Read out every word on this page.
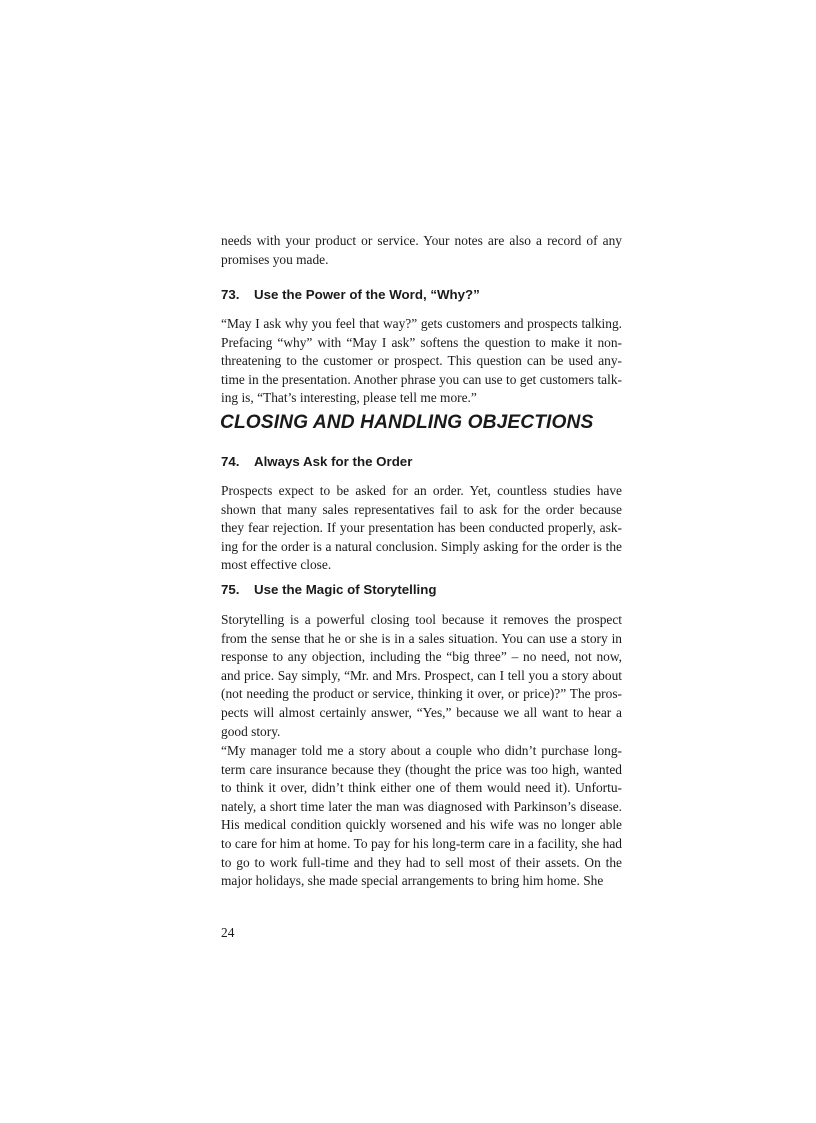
needs with your product or service. Your notes are also a record of any promises you made.

73. Use the Power of the Word, “Why?”

“May I ask why you feel that way?” gets customers and prospects talking. Prefacing “why” with “May I ask” softens the question to make it non-threatening to the customer or prospect. This question can be used any-time in the presentation. Another phrase you can use to get customers talk-ing is, “That’s interesting, please tell me more.”

CLOSING AND HANDLING OBJECTIONS
74. Always Ask for the Order

Prospects expect to be asked for an order. Yet, countless studies have shown that many sales representatives fail to ask for the order because they fear rejection. If your presentation has been conducted properly, ask-ing for the order is a natural conclusion. Simply asking for the order is the most effective close.

75. Use the Magic of Storytelling

Storytelling is a powerful closing tool because it removes the prospect from the sense that he or she is in a sales situation. You can use a story in response to any objection, including the “big three” – no need, not now, and price. Say simply, “Mr. and Mrs. Prospect, can I tell you a story about (not needing the product or service, thinking it over, or price)?” The pros-pects will almost certainly answer, “Yes,” because we all want to hear a good story.

“My manager told me a story about a couple who didn’t purchase long-term care insurance because they (thought the price was too high, wanted to think it over, didn’t think either one of them would need it). Unfortu-nately, a short time later the man was diagnosed with Parkinson’s disease. His medical condition quickly worsened and his wife was no longer able to care for him at home. To pay for his long-term care in a facility, she had to go to work full-time and they had to sell most of their assets. On the major holidays, she made special arrangements to bring him home. She

24
